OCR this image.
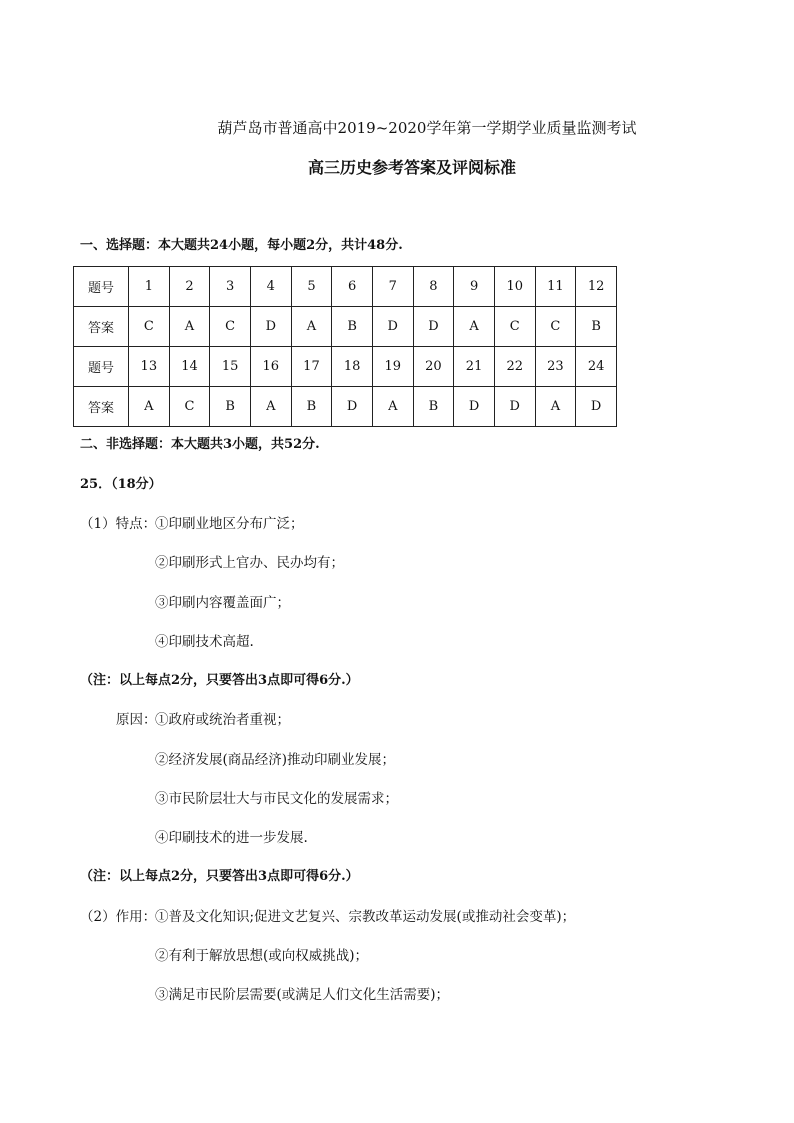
葫芦岛市普通高中2019~2020学年第一学期学业质量监测考试
高三历史参考答案及评阅标准
一、选择题：本大题共24小题，每小题2分，共计48分.
题号	1	2	3	4	5	6	7	8	9	10	11	12
答案	C	A	C	D	A	B	D	D	A	C	C	B
题号	13	14	15	16	17	18	19	20	21	22	23	24
答案	A	C	B	A	B	D	A	B	D	D	A	D
二、非选择题：本大题共3小题，共52分.
25．（18分）
（1）特点：
①印刷业地区分布广泛；
②印刷形式上官办、民办均有；
③印刷内容覆盖面广；
④印刷技术高超.
（注：以上每点2分，只要答出3点即可得6分.）
原因：
①政府或统治者重视；
②经济发展(商品经济)推动印刷业发展；
③市民阶层壮大与市民文化的发展需求；
④印刷技术的进一步发展.
（注：以上每点2分，只要答出3点即可得6分.）
（2）作用：
①普及文化知识;促进文艺复兴、宗教改革运动发展(或推动社会变革)；
②有利于解放思想(或向权威挑战)；
③满足市民阶层需要(或满足人们文化生活需要)；
